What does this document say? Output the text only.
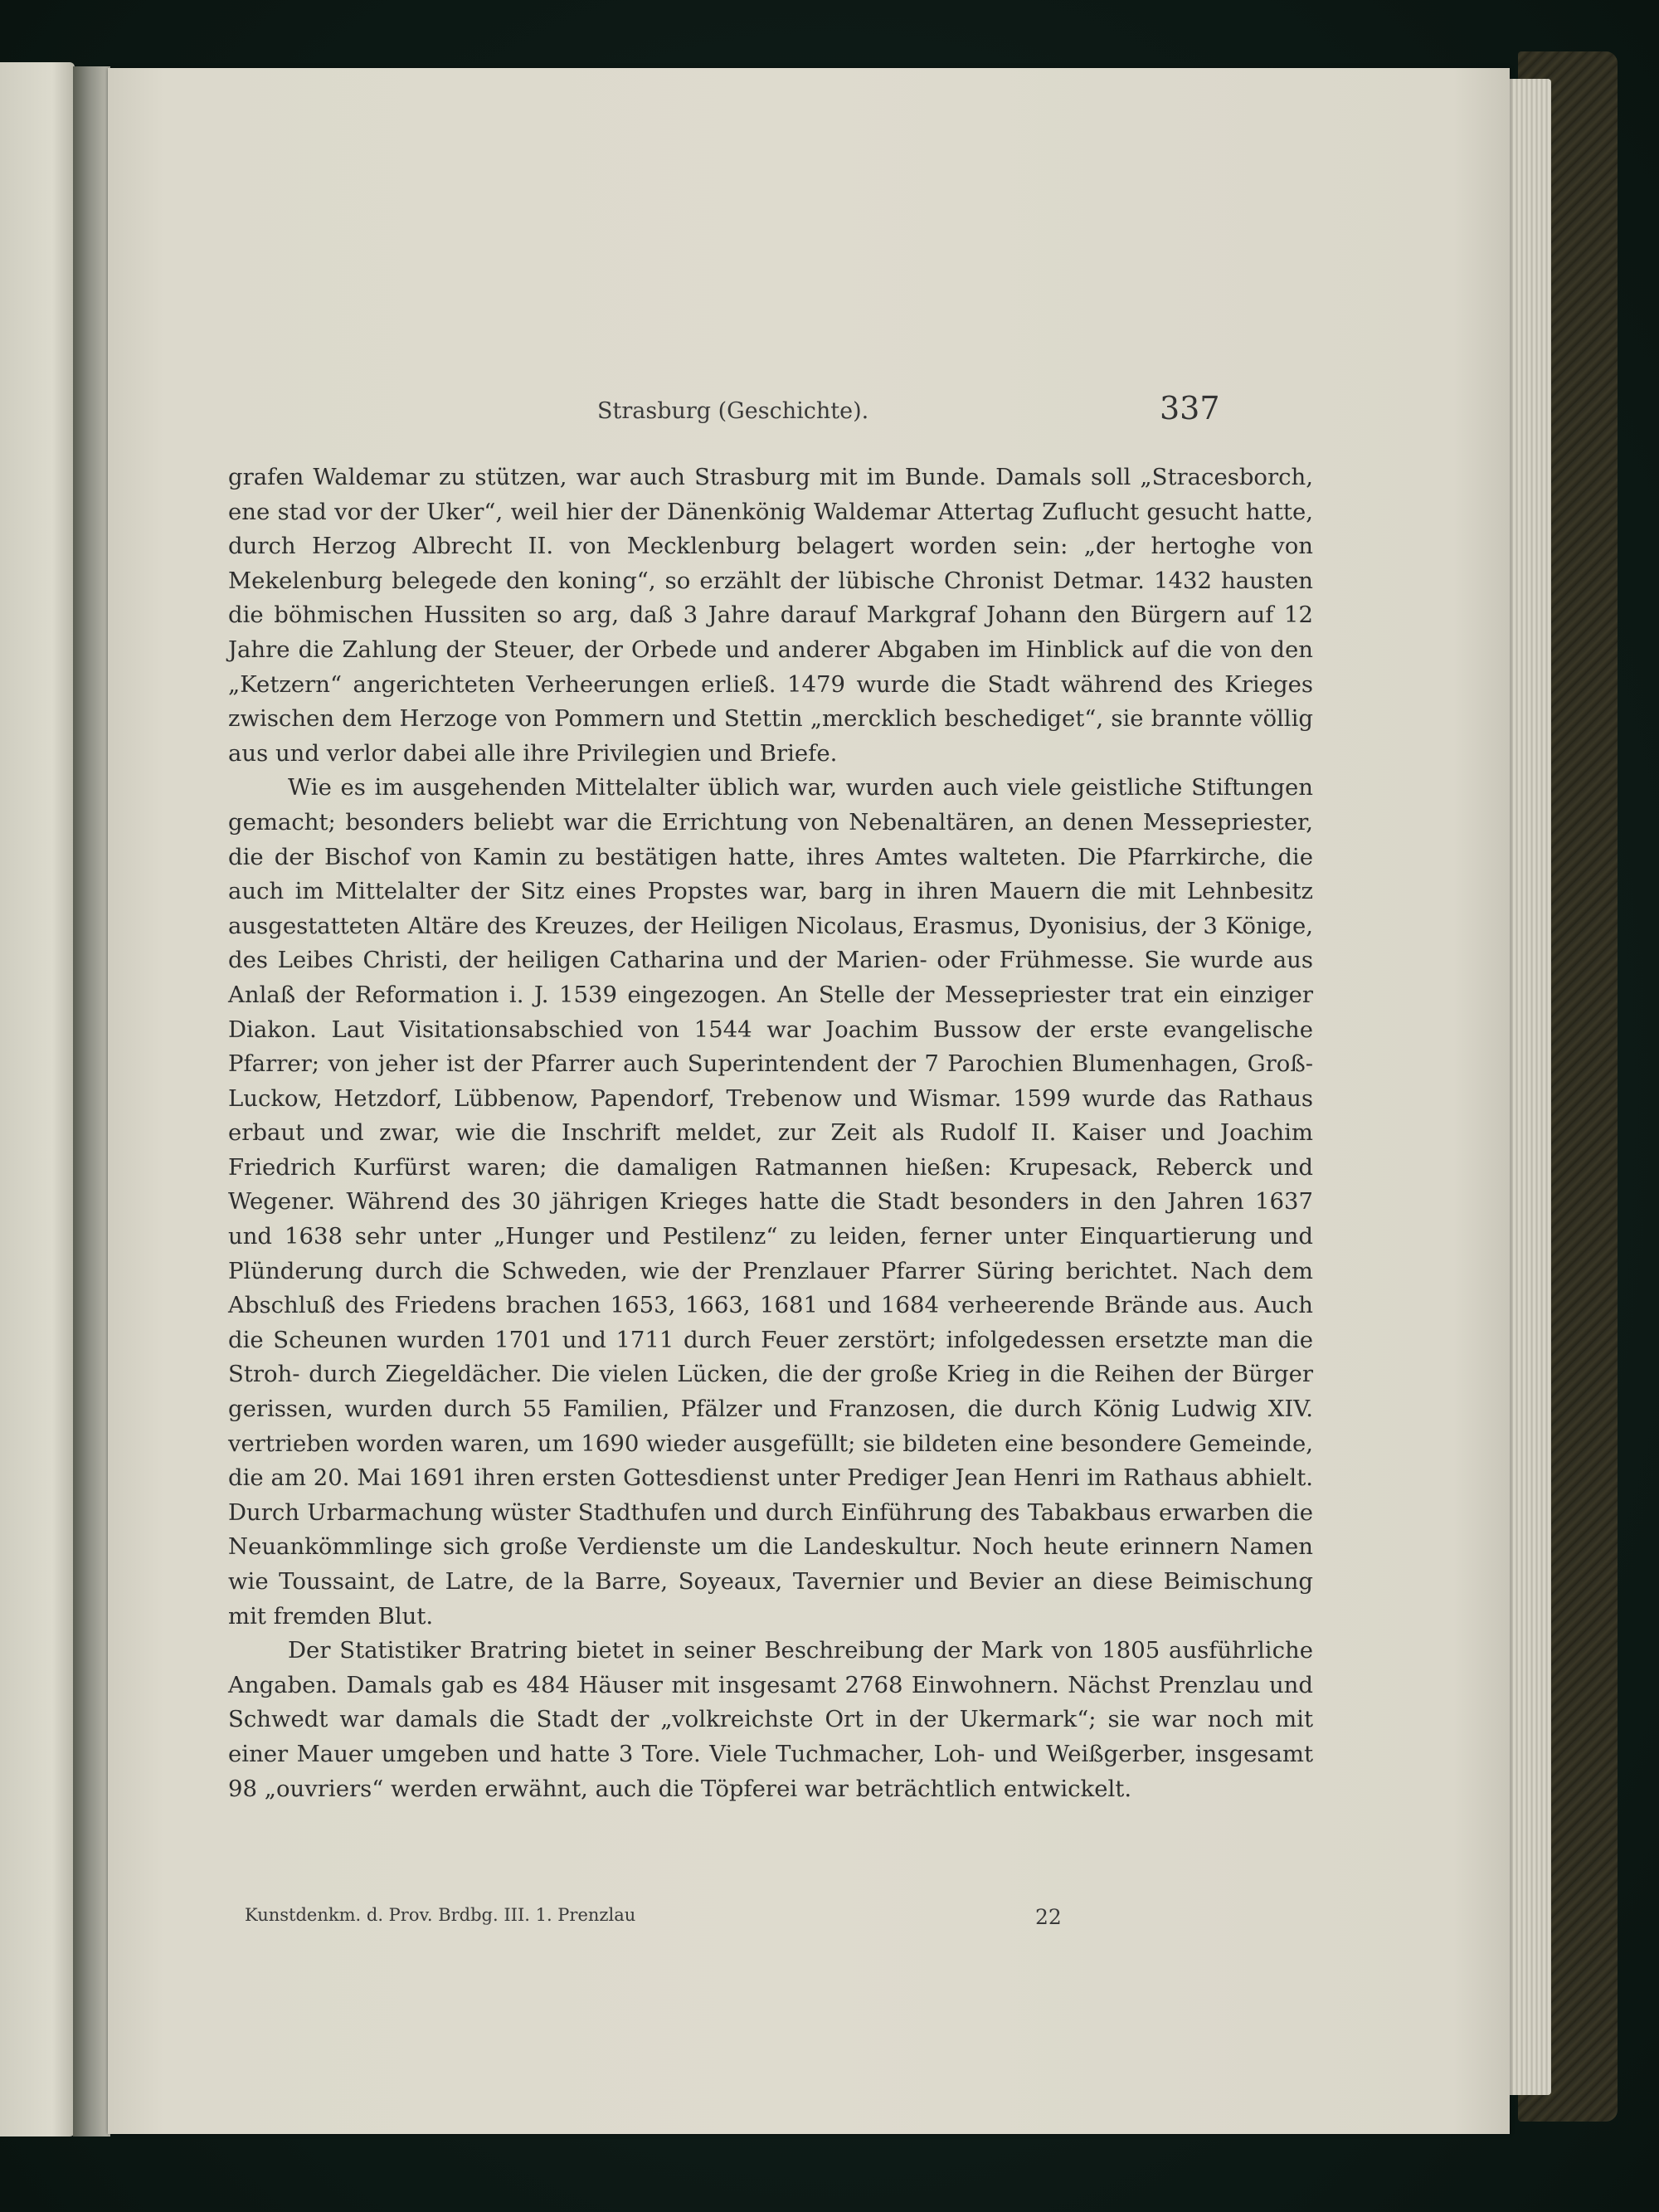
Strasburg (Geschichte).	337

grafen Waldemar zu stützen, war auch Strasburg mit im Bunde. Damals soll „Stracesborch, ene stad vor der Uker“, weil hier der Dänenkönig Waldemar Attertag Zuflucht gesucht hatte, durch Herzog Albrecht II. von Mecklenburg belagert worden sein: „der hertoghe von Mekelenburg belegede den koning“, so erzählt der lübische Chronist Detmar. 1432 hausten die böhmischen Hussiten so arg, daß 3 Jahre darauf Markgraf Johann den Bürgern auf 12 Jahre die Zahlung der Steuer, der Orbede und anderer Abgaben im Hinblick auf die von den „Ketzern“ angerichteten Verheerungen erließ. 1479 wurde die Stadt während des Krieges zwischen dem Herzoge von Pommern und Stettin „mercklich beschediget“, sie brannte völlig aus und verlor dabei alle ihre Privilegien und Briefe.

Wie es im ausgehenden Mittelalter üblich war, wurden auch viele geistliche Stiftungen gemacht; besonders beliebt war die Errichtung von Nebenaltären, an denen Messepriester, die der Bischof von Kamin zu bestätigen hatte, ihres Amtes walteten. Die Pfarrkirche, die auch im Mittelalter der Sitz eines Propstes war, barg in ihren Mauern die mit Lehnbesitz ausgestatteten Altäre des Kreuzes, der Heiligen Nicolaus, Erasmus, Dyonisius, der 3 Könige, des Leibes Christi, der heiligen Catharina und der Marien- oder Frühmesse. Sie wurde aus Anlaß der Reformation i. J. 1539 eingezogen. An Stelle der Messepriester trat ein einziger Diakon. Laut Visitationsabschied von 1544 war Joachim Bussow der erste evangelische Pfarrer; von jeher ist der Pfarrer auch Superintendent der 7 Parochien Blumenhagen, Groß-Luckow, Hetzdorf, Lübbenow, Papendorf, Trebenow und Wismar. 1599 wurde das Rathaus erbaut und zwar, wie die Inschrift meldet, zur Zeit als Rudolf II. Kaiser und Joachim Friedrich Kurfürst waren; die damaligen Ratmannen hießen: Krupesack, Reberck und Wegener. Während des 30 jährigen Krieges hatte die Stadt besonders in den Jahren 1637 und 1638 sehr unter „Hunger und Pestilenz“ zu leiden, ferner unter Einquartierung und Plünderung durch die Schweden, wie der Prenzlauer Pfarrer Süring berichtet. Nach dem Abschluß des Friedens brachen 1653, 1663, 1681 und 1684 verheerende Brände aus. Auch die Scheunen wurden 1701 und 1711 durch Feuer zerstört; infolgedessen ersetzte man die Stroh- durch Ziegeldächer. Die vielen Lücken, die der große Krieg in die Reihen der Bürger gerissen, wurden durch 55 Familien, Pfälzer und Franzosen, die durch König Ludwig XIV. vertrieben worden waren, um 1690 wieder ausgefüllt; sie bildeten eine besondere Gemeinde, die am 20. Mai 1691 ihren ersten Gottesdienst unter Prediger Jean Henri im Rathaus abhielt. Durch Urbarmachung wüster Stadthufen und durch Einführung des Tabakbaus erwarben die Neuankömmlinge sich große Verdienste um die Landeskultur. Noch heute erinnern Namen wie Toussaint, de Latre, de la Barre, Soyeaux, Tavernier und Bevier an diese Beimischung mit fremden Blut.

Der Statistiker Bratring bietet in seiner Beschreibung der Mark von 1805 ausführliche Angaben. Damals gab es 484 Häuser mit insgesamt 2768 Einwohnern. Nächst Prenzlau und Schwedt war damals die Stadt der „volkreichste Ort in der Ukermark“; sie war noch mit einer Mauer umgeben und hatte 3 Tore. Viele Tuchmacher, Loh- und Weißgerber, insgesamt 98 „ouvriers“ werden erwähnt, auch die Töpferei war beträchtlich entwickelt.

Kunstdenkm. d. Prov. Brdbg. III. 1. Prenzlau	22
